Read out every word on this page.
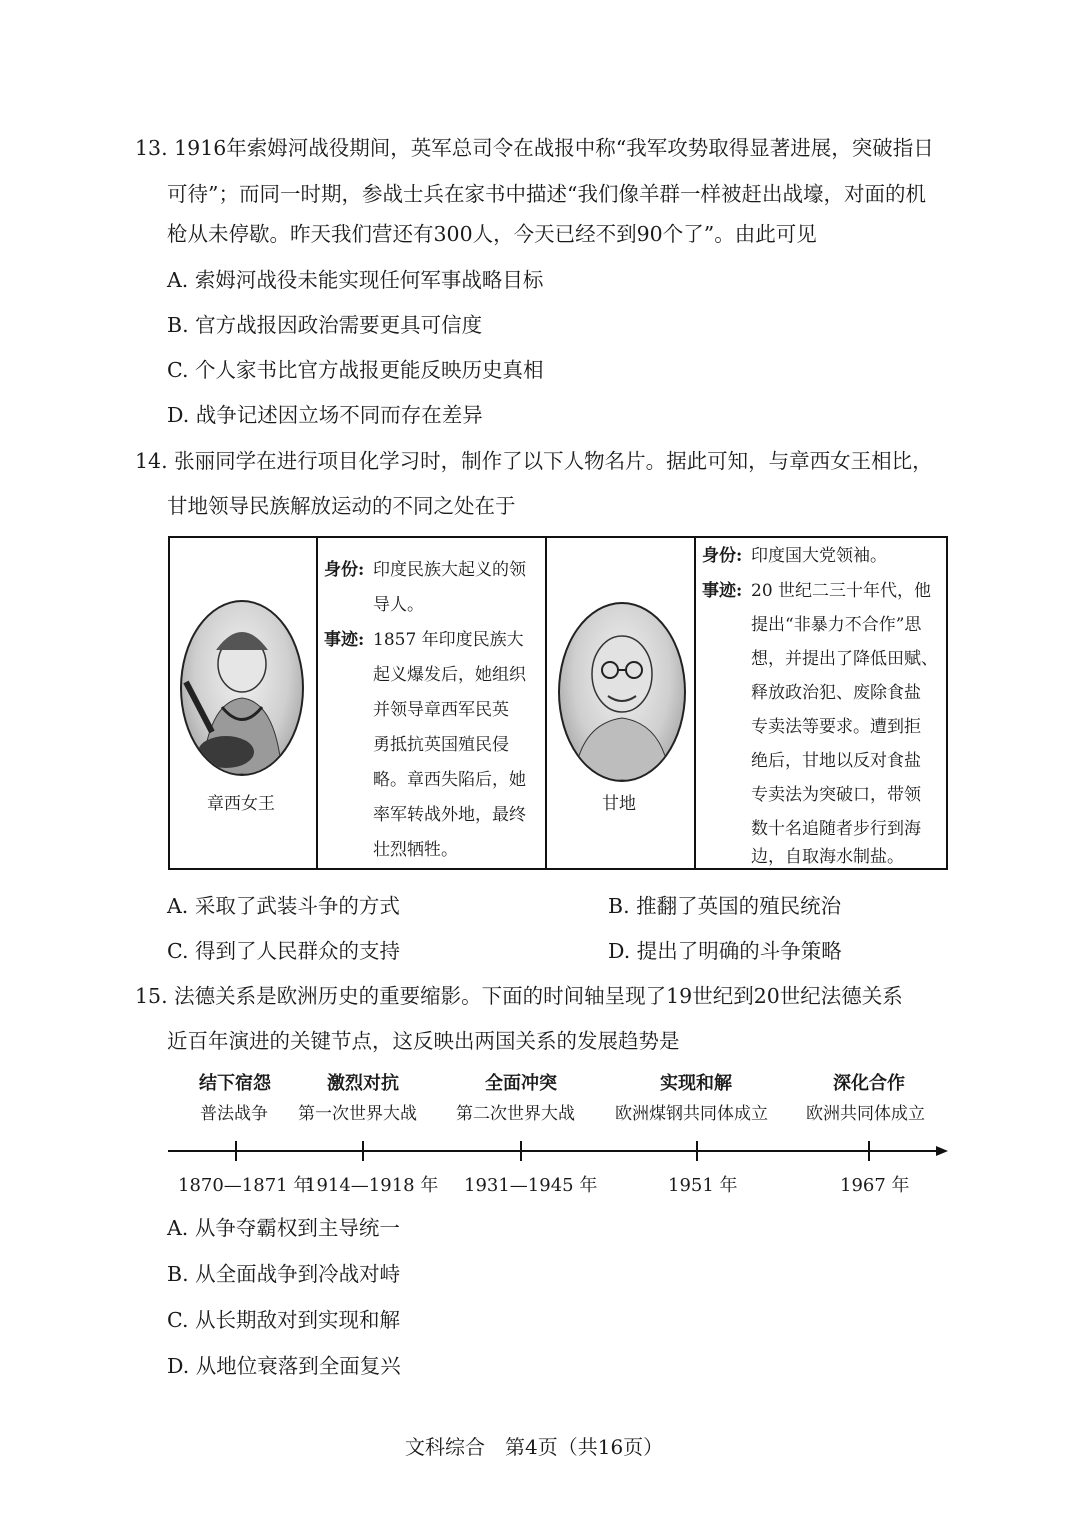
13. 1916年索姆河战役期间，英军总司令在战报中称“我军攻势取得显著进展，突破指日
可待”；而同一时期，参战士兵在家书中描述“我们像羊群一样被赶出战壕，对面的机
枪从未停歇。昨天我们营还有300人，今天已经不到90个了”。由此可见
A. 索姆河战役未能实现任何军事战略目标
B. 官方战报因政治需要更具可信度
C. 个人家书比官方战报更能反映历史真相
D. 战争记述因立场不同而存在差异
14. 张丽同学在进行项目化学习时，制作了以下人物名片。据此可知，与章西女王相比，
甘地领导民族解放运动的不同之处在于
章西女王
身份: 印度民族大起义的领
导人。
事迹: 1857 年印度民族大
起义爆发后，她组织
并领导章西军民英
勇抵抗英国殖民侵
略。章西失陷后，她
率军转战外地，最终
壮烈牺牲。
甘地
身份: 印度国大党领袖。
事迹: 20 世纪二三十年代，他
提出“非暴力不合作”思
想，并提出了降低田赋、
释放政治犯、废除食盐
专卖法等要求。遭到拒
绝后，甘地以反对食盐
专卖法为突破口，带领
数十名追随者步行到海
边，自取海水制盐。
A. 采取了武装斗争的方式	B. 推翻了英国的殖民统治
C. 得到了人民群众的支持	D. 提出了明确的斗争策略
15. 法德关系是欧洲历史的重要缩影。下面的时间轴呈现了19世纪到20世纪法德关系
近百年演进的关键节点，这反映出两国关系的发展趋势是
结下宿怨
普法战争
1870—1871 年
激烈对抗
第一次世界大战
1914—1918 年
全面冲突
第二次世界大战
1931—1945 年
实现和解
欧洲煤钢共同体成立
1951 年
深化合作
欧洲共同体成立
1967 年
A. 从争夺霸权到主导统一
B. 从全面战争到冷战对峙
C. 从长期敌对到实现和解
D. 从地位衰落到全面复兴
文科综合　第4页（共16页）
